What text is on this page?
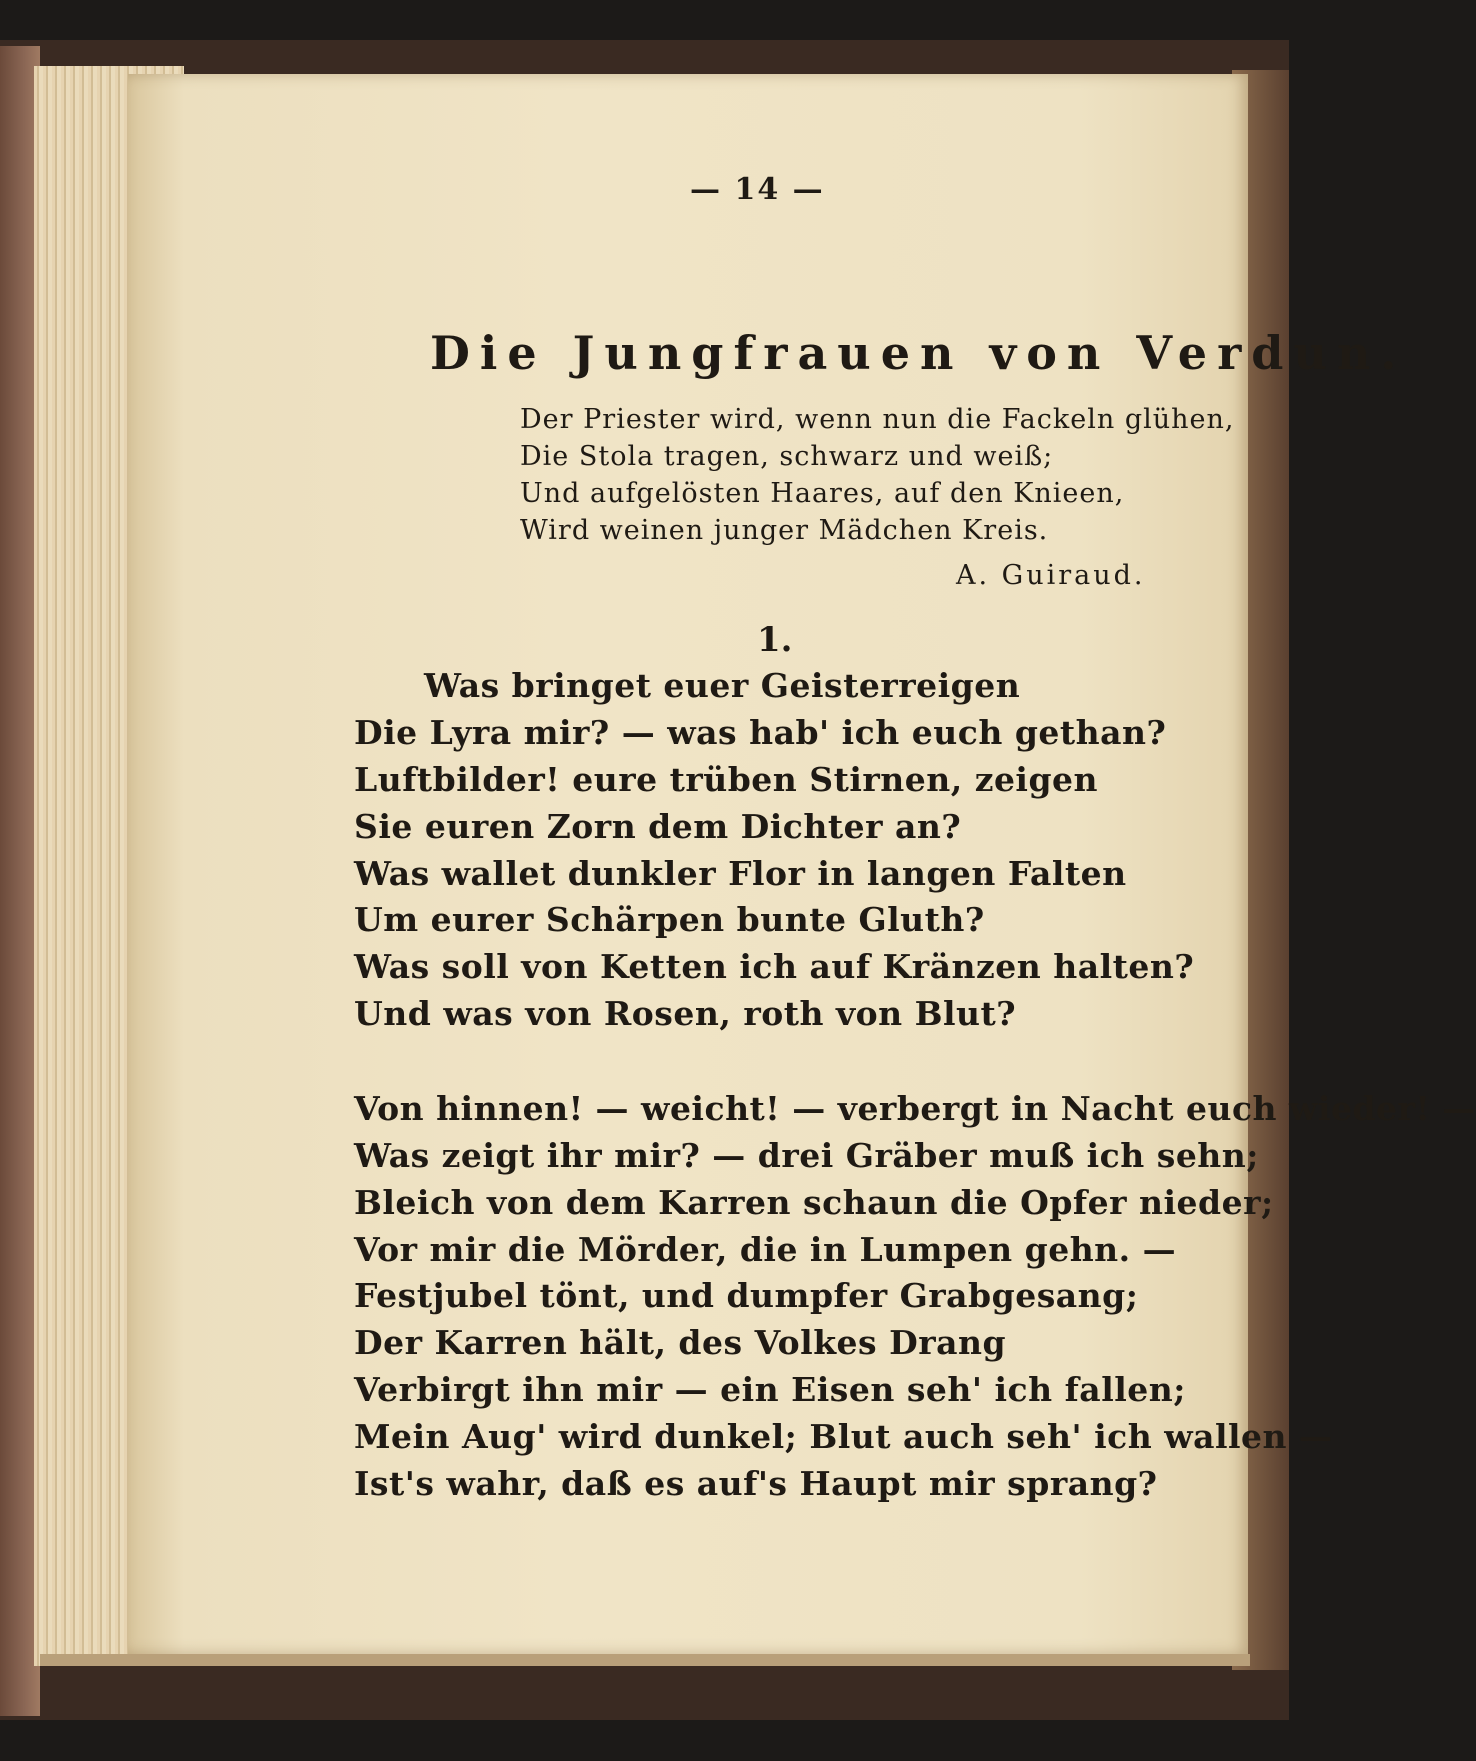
— 14 —
Die Jungfrauen von Verdun.
Der Priester wird, wenn nun die Fackeln glühen,
Die Stola tragen, schwarz und weiß;
Und aufgelösten Haares, auf den Knieen,
Wird weinen junger Mädchen Kreis.
A. Guiraud.
1.
Was bringet euer Geisterreigen
Die Lyra mir? — was hab' ich euch gethan?
Luftbilder! eure trüben Stirnen, zeigen
Sie euren Zorn dem Dichter an?
Was wallet dunkler Flor in langen Falten
Um eurer Schärpen bunte Gluth?
Was soll von Ketten ich auf Kränzen halten?
Und was von Rosen, roth von Blut?
Von hinnen! — weicht! — verbergt in Nacht euch wieder! —
Was zeigt ihr mir? — drei Gräber muß ich sehn;
Bleich von dem Karren schaun die Opfer nieder;
Vor mir die Mörder, die in Lumpen gehn. —
Festjubel tönt, und dumpfer Grabgesang;
Der Karren hält, des Volkes Drang
Verbirgt ihn mir — ein Eisen seh' ich fallen;
Mein Aug' wird dunkel; Blut auch seh' ich wallen —
Ist's wahr, daß es auf's Haupt mir sprang?
